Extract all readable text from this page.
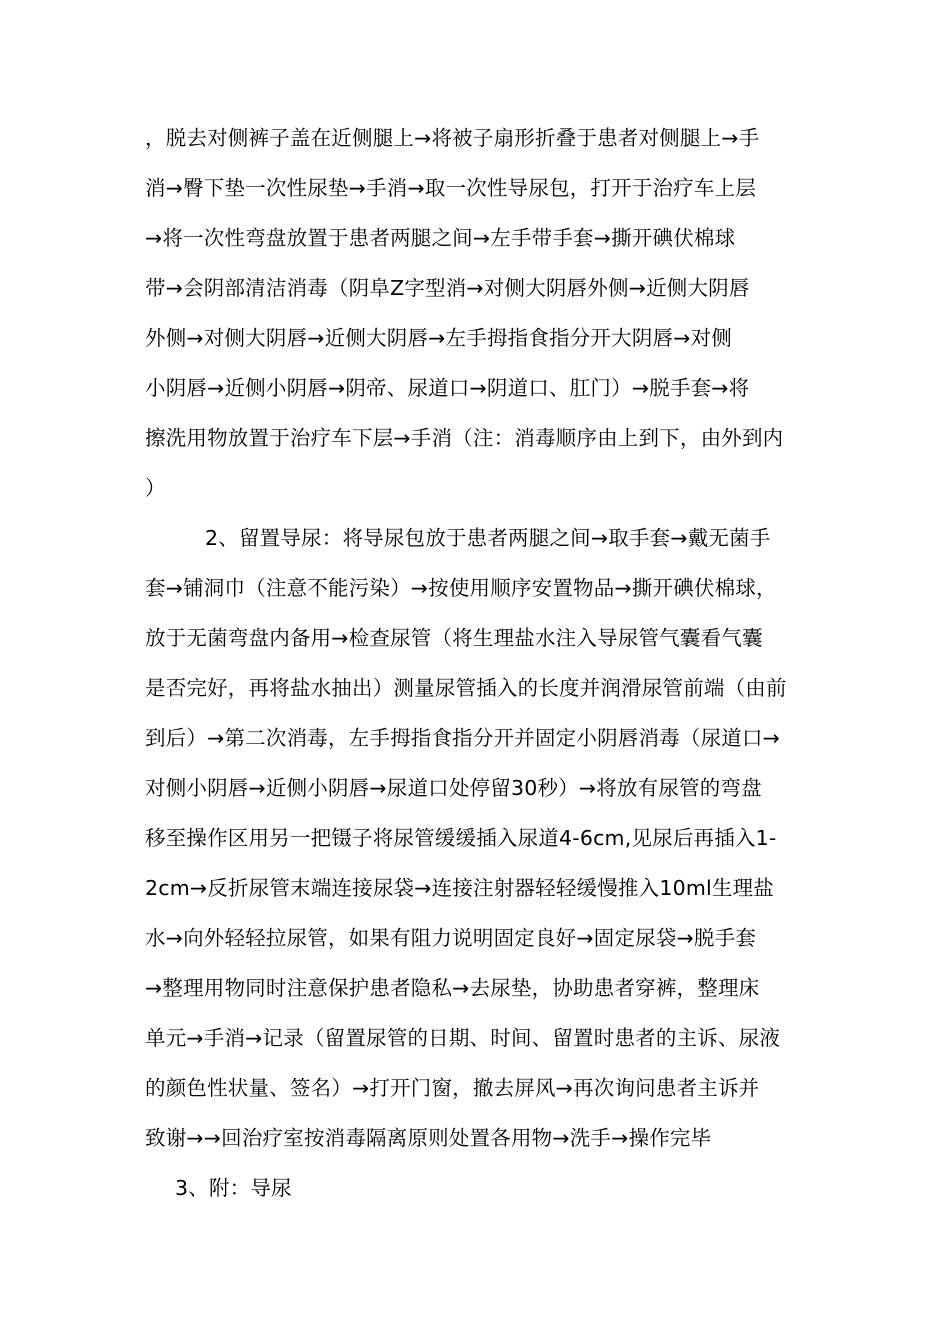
，脱去对侧裤子盖在近侧腿上→将被子扇形折叠于患者对侧腿上→手
消→臀下垫一次性尿垫→手消→取一次性导尿包，打开于治疗车上层
→将一次性弯盘放置于患者两腿之间→左手带手套→撕开碘伏棉球
带→会阴部清洁消毒（阴阜Z字型消→对侧大阴唇外侧→近侧大阴唇
外侧→对侧大阴唇→近侧大阴唇→左手拇指食指分开大阴唇→对侧
小阴唇→近侧小阴唇→阴帝、尿道口→阴道口、肛门）→脱手套→将
擦洗用物放置于治疗车下层→手消（注：消毒顺序由上到下，由外到内
）
2、留置导尿：将导尿包放于患者两腿之间→取手套→戴无菌手
套→铺洞巾（注意不能污染）→按使用顺序安置物品→撕开碘伏棉球，
放于无菌弯盘内备用→检查尿管（将生理盐水注入导尿管气囊看气囊
是否完好，再将盐水抽出）测量尿管插入的长度并润滑尿管前端（由前
到后）→第二次消毒，左手拇指食指分开并固定小阴唇消毒（尿道口→
对侧小阴唇→近侧小阴唇→尿道口处停留30秒）→将放有尿管的弯盘
移至操作区用另一把镊子将尿管缓缓插入尿道4-6cm,见尿后再插入1-
2cm→反折尿管末端连接尿袋→连接注射器轻轻缓慢推入10ml生理盐
水→向外轻轻拉尿管，如果有阻力说明固定良好→固定尿袋→脱手套
→整理用物同时注意保护患者隐私→去尿垫，协助患者穿裤，整理床
单元→手消→记录（留置尿管的日期、时间、留置时患者的主诉、尿液
的颜色性状量、签名）→打开门窗，撤去屏风→再次询问患者主诉并
致谢→→回治疗室按消毒隔离原则处置各用物→洗手→操作完毕
3、附：导尿
